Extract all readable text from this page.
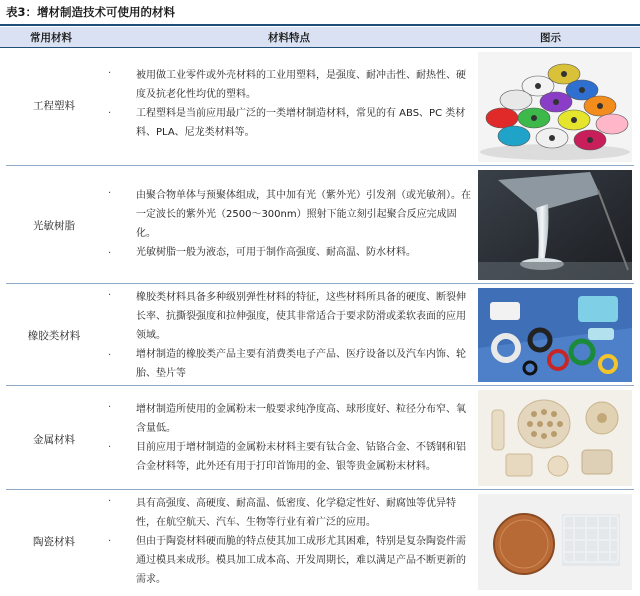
表3：增材制造技术可使用的材料
常用材料	材料特点	图示
工程塑料
·
·

被用做工业零件或外壳材料的工业用塑料，是强度、耐冲击性、耐热性、硬度及抗老化性均优的塑料。

工程塑料是当前应用最广泛的一类增材制造材料，常见的有 ABS、PC 类材料、PLA、尼龙类材料等。

光敏树脂
·
·

由聚合物单体与预聚体组成，其中加有光（紫外光）引发剂（或光敏剂）。在一定波长的紫外光（2500～300nm）照射下能立刻引起聚合反应完成固化。

光敏树脂一般为液态，可用于制作高强度、耐高温、防水材料。

橡胶类材料
·
·

橡胶类材料具备多种级别弹性材料的特征，这些材料所具备的硬度、断裂伸长率、抗撕裂强度和拉伸强度，使其非常适合于要求防滑或柔软表面的应用领域。

增材制造的橡胶类产品主要有消费类电子产品、医疗设备以及汽车内饰、轮胎、垫片等

金属材料
·
·

增材制造所使用的金属粉末一般要求纯净度高、球形度好、粒径分布窄、氧含量低。

目前应用于增材制造的金属粉末材料主要有钛合金、钴铬合金、不锈钢和铝合金材料等，此外还有用于打印首饰用的金、银等贵金属粉末材料。

陶瓷材料
·
·

具有高强度、高硬度、耐高温、低密度、化学稳定性好、耐腐蚀等优异特性，在航空航天、汽车、生物等行业有着广泛的应用。

但由于陶瓷材料硬而脆的特点使其加工成形尤其困难，特别是复杂陶瓷件需通过模具来成形。模具加工成本高、开发周期长，难以满足产品不断更新的需求。
